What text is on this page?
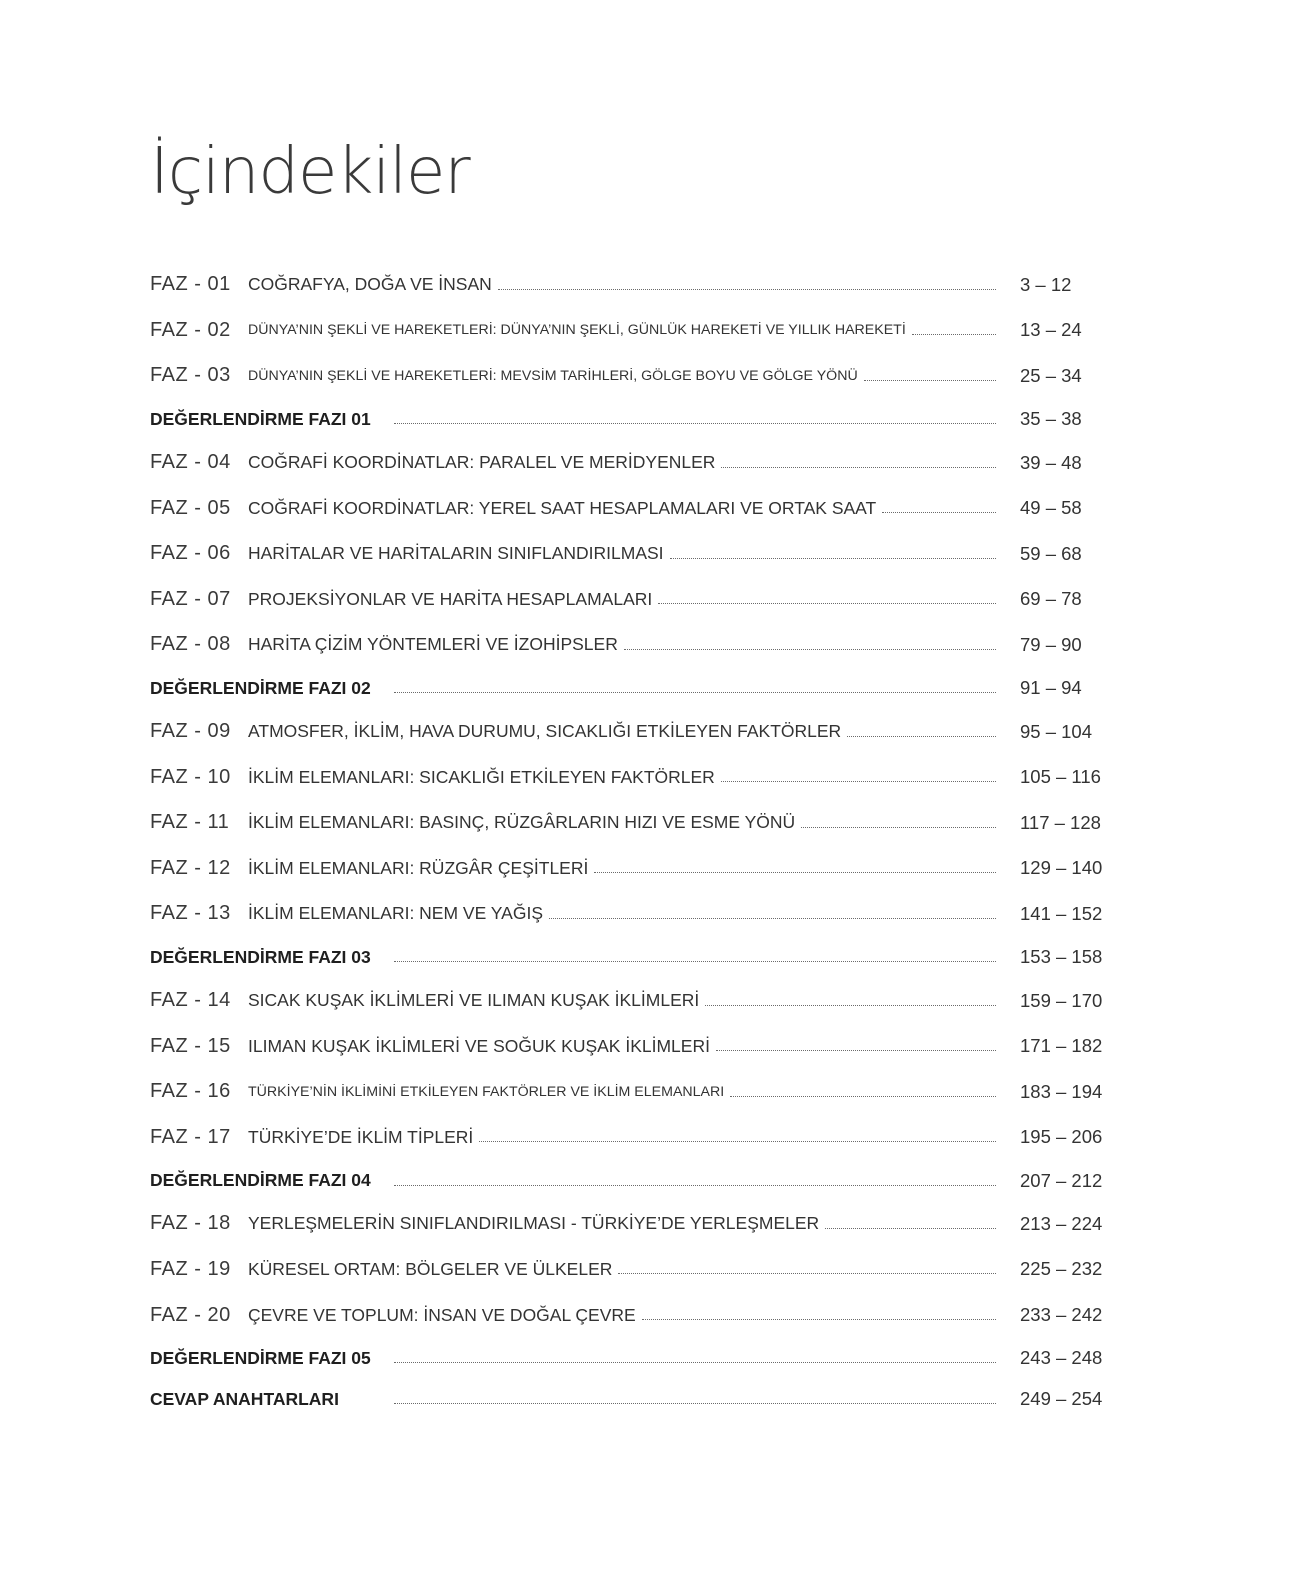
İçindekiler
FAZ - 01 COĞRAFYA, DOĞA VE İNSAN	3 – 12
FAZ - 02	DÜNYA’NIN ŞEKLİ VE HAREKETLERİ: DÜNYA’NIN ŞEKLİ, GÜNLÜK HAREKETİ VE YILLIK HAREKETİ	13 – 24
FAZ - 03	DÜNYA’NIN ŞEKLİ VE HAREKETLERİ: MEVSİM TARİHLERİ, GÖLGE BOYU VE GÖLGE YÖNÜ	25 – 34
DEĞERLENDİRME FAZI 01	35 – 38
FAZ - 04 COĞRAFİ KOORDİNATLAR: PARALEL VE MERİDYENLER	39 – 48
FAZ - 05 COĞRAFİ KOORDİNATLAR: YEREL SAAT HESAPLAMALARI VE ORTAK SAAT	49 – 58
FAZ - 06 HARİTALAR VE HARİTALARIN SINIFLANDIRILMASI	59 – 68
FAZ - 07 PROJEKSİYONLAR VE HARİTA HESAPLAMALARI	69 – 78
FAZ - 08 HARİTA ÇİZİM YÖNTEMLERİ VE İZOHİPSLER	79 – 90
DEĞERLENDİRME FAZI 02	91 – 94
FAZ - 09 ATMOSFER, İKLİM, HAVA DURUMU, SICAKLIĞI ETKİLEYEN FAKTÖRLER	95 – 104
FAZ - 10 İKLİM ELEMANLARI: SICAKLIĞI ETKİLEYEN FAKTÖRLER	105 – 116
FAZ - 11	İKLİM ELEMANLARI: BASINÇ, RÜZGÂRLARIN HIZI VE ESME YÖNÜ	117 – 128
FAZ - 12 İKLİM ELEMANLARI: RÜZGÂR ÇEŞİTLERİ	129 – 140
FAZ - 13 İKLİM ELEMANLARI: NEM VE YAĞIŞ	141 – 152
DEĞERLENDİRME FAZI 03	153 – 158
FAZ - 14 SICAK KUŞAK İKLİMLERİ VE ILIMAN KUŞAK İKLİMLERİ	159 – 170
FAZ - 15 ILIMAN KUŞAK İKLİMLERİ VE SOĞUK KUŞAK İKLİMLERİ	171 – 182
FAZ - 16	TÜRKİYE’NİN İKLİMİNİ ETKİLEYEN FAKTÖRLER VE İKLİM ELEMANLARI	183 – 194
FAZ - 17 TÜRKİYE’DE İKLİM TİPLERİ	195 – 206
DEĞERLENDİRME FAZI 04	207 – 212
FAZ - 18 YERLEŞMELERİN SINIFLANDIRILMASI - TÜRKİYE’DE YERLEŞMELER	213 – 224
FAZ - 19 KÜRESEL ORTAM: BÖLGELER VE ÜLKELER	225 – 232
FAZ - 20 ÇEVRE VE TOPLUM: İNSAN VE DOĞAL ÇEVRE	233 – 242
DEĞERLENDİRME FAZI 05	243 – 248
CEVAP ANAHTARLARI	249 – 254
